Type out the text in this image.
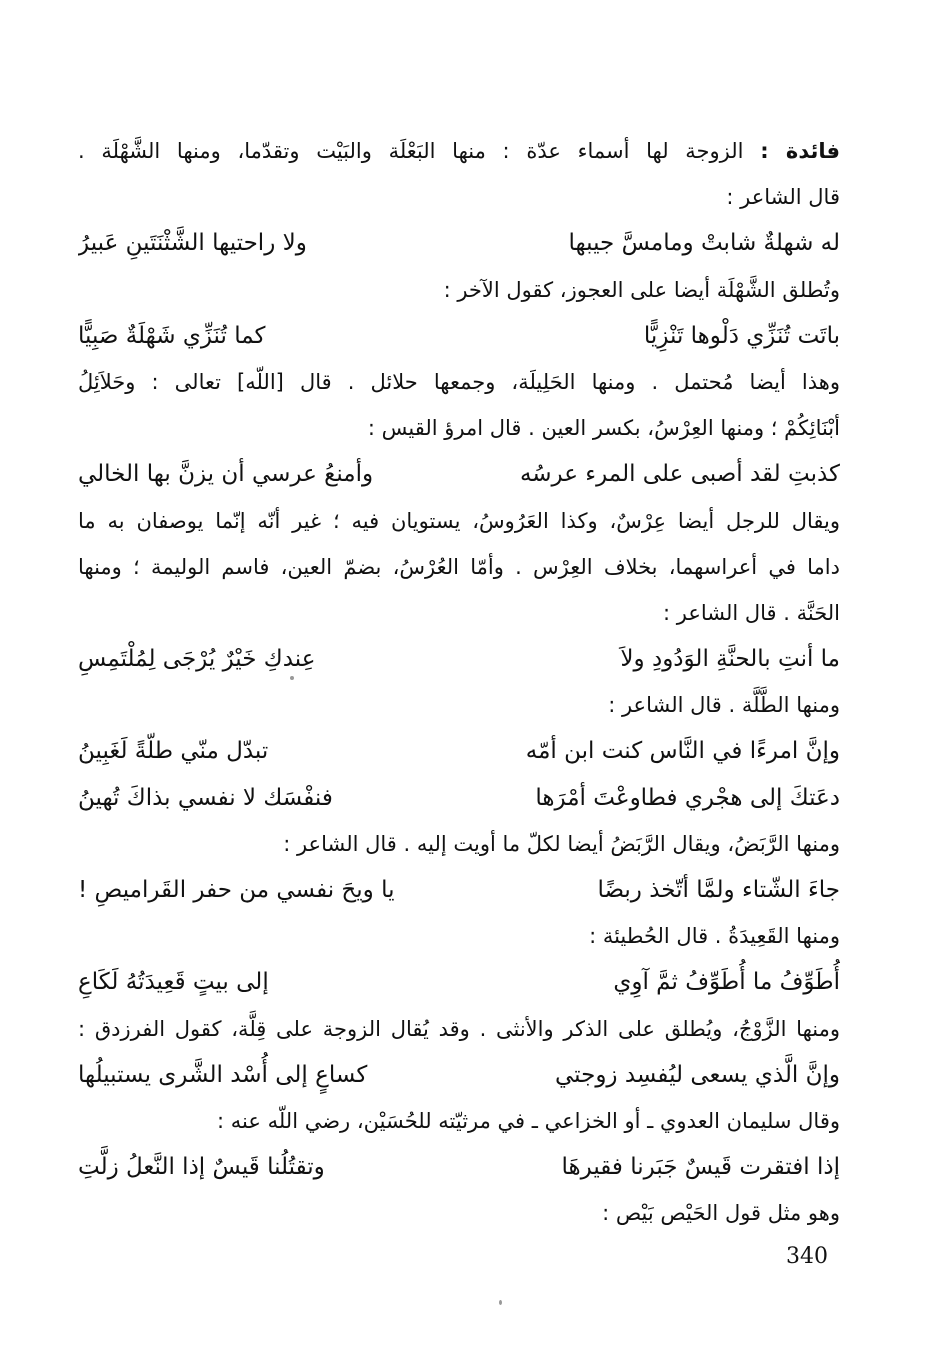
فائدة : الزوجة لها أسماء عدّة : منها البَعْلَة والبَيْت وتقدّما، ومنها الشَّهْلَة .
قال الشاعر :
له شهلةٌ شابتْ ومامسَّ جيبها
ولا راحتيها الشَّثْنَتَينِ عَبيرُ
وتُطلق الشَّهْلَة أيضا على العجوز، كقول الآخر :
باتَت تُنَزِّي دَلْوها تَنْزِيًّا
كما تُنَزِّي شَهْلَةٌ صَبِيًّا
وهذا أيضا مُحتمل . ومنها الحَلِيلَة، وجمعها حلائل . قال [اللّه] تعالى : وحَلاَئِلُ
أبْنَائِكُمْ ؛ ومنها العِرْسُ، بكسر العين . قال امرؤ القيس :
كذبتِ لقد أصبى على المرء عرسُه
وأمنعُ عرسي أن يزنَّ بها الخالي
ويقال للرجل أيضا عِرْسٌ، وكذا العَرُوسُ، يستويان فيه ؛ غير أنّه إنّما يوصفان به ما
داما في أعراسهما، بخلاف العِرْس . وأمّا العُرْسُ، بضمّ العين، فاسم الوليمة ؛ ومنها
الحَنَّة . قال الشاعر :
ما أنتِ بالحنَّةِ الوَدُودِ ولاَ
عِندكِ خَيْرٌ يُرْجَى لِمُلْتَمِسِ
ومنها الطَّلَّة . قال الشاعر :
وإنَّ امرءًا في النَّاس كنت ابن أمّه
تبدّل منّي طلّةً لَغَبِينُ
دعَتكَ إلى هجْري فطاوعْتَ أمْرَها
فنفْسَك لا نفسي بذاكَ تُهينُ
ومنها الرَّبَضُ، ويقال الرَّبَضُ أيضا لكلّ ما أويت إليه . قال الشاعر :
جاءَ الشّتاء ولمَّا أتّخذ ربضًا
يا ويحَ نفسي من حفر القَراميصِ !
ومنها القَعِيدَةُ . قال الحُطيئة :
أُطَوِّفُ ما أُطَوِّفُ ثمَّ آوِي
إلى بيتٍ قَعِيدَتُهُ لَكَاعِ
ومنها الزَّوْجُ، ويُطلق على الذكر والأنثى . وقد يُقال الزوجة على قِلَّة، كقول الفرزدق :
وإنَّ الَّذي يسعى ليُفسِد زوجتي
كساعٍ إلى أُسْد الشَّرى يستبيلُها
وقال سليمان العدوي ـ أو الخزاعي ـ في مرثيّته للحُسَيْن، رضي اللّه عنه :
إذا افتقرت قَيسٌ جَبَرنا فقيرهَا
وتقتُلُنا قَيسٌ إذا النَّعلُ زلَّتِ
وهو مثل قول الحَيْص بَيْص :
340
